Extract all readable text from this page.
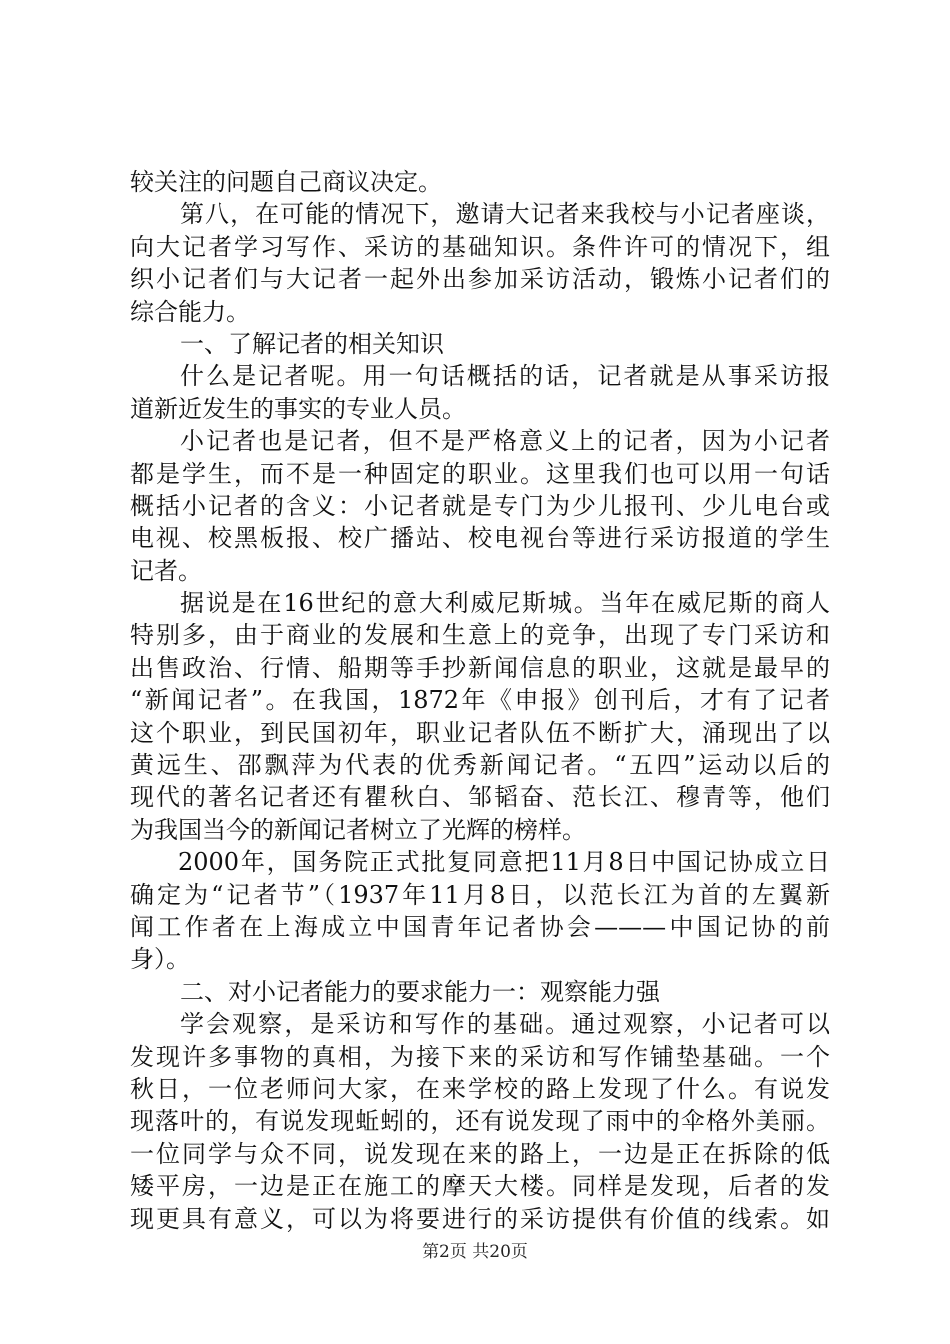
较关注的问题自己商议决定。
第八，在可能的情况下，邀请大记者来我校与小记者座谈，
向大记者学习写作、采访的基础知识。条件许可的情况下，组
织小记者们与大记者一起外出参加采访活动，锻炼小记者们的
综合能力。
一、了解记者的相关知识
什么是记者呢。用一句话概括的话，记者就是从事采访报
道新近发生的事实的专业人员。
小记者也是记者，但不是严格意义上的记者，因为小记者
都是学生，而不是一种固定的职业。这里我们也可以用一句话
概括小记者的含义：小记者就是专门为少儿报刊、少儿电台或
电视、校黑板报、校广播站、校电视台等进行采访报道的学生
记者。
据说是在16世纪的意大利威尼斯城。当年在威尼斯的商人
特别多，由于商业的发展和生意上的竞争，出现了专门采访和
出售政治、行情、船期等手抄新闻信息的职业，这就是最早的
“新闻记者”。在我国，1872年《申报》创刊后，才有了记者
这个职业，到民国初年，职业记者队伍不断扩大，涌现出了以
黄远生、邵飘萍为代表的优秀新闻记者。“五四”运动以后的
现代的著名记者还有瞿秋白、邹韬奋、范长江、穆青等，他们
为我国当今的新闻记者树立了光辉的榜样。
2000年，国务院正式批复同意把11月8日中国记协成立日
确定为“记者节”（1937年11月8日，以范长江为首的左翼新
闻工作者在上海成立中国青年记者协会———中国记协的前
身）。
二、对小记者能力的要求能力一：观察能力强
学会观察，是采访和写作的基础。通过观察，小记者可以
发现许多事物的真相，为接下来的采访和写作铺垫基础。一个
秋日，一位老师问大家，在来学校的路上发现了什么。有说发
现落叶的，有说发现蚯蚓的，还有说发现了雨中的伞格外美丽。
一位同学与众不同，说发现在来的路上，一边是正在拆除的低
矮平房，一边是正在施工的摩天大楼。同样是发现，后者的发
现更具有意义，可以为将要进行的采访提供有价值的线索。如
第2页 共20页
